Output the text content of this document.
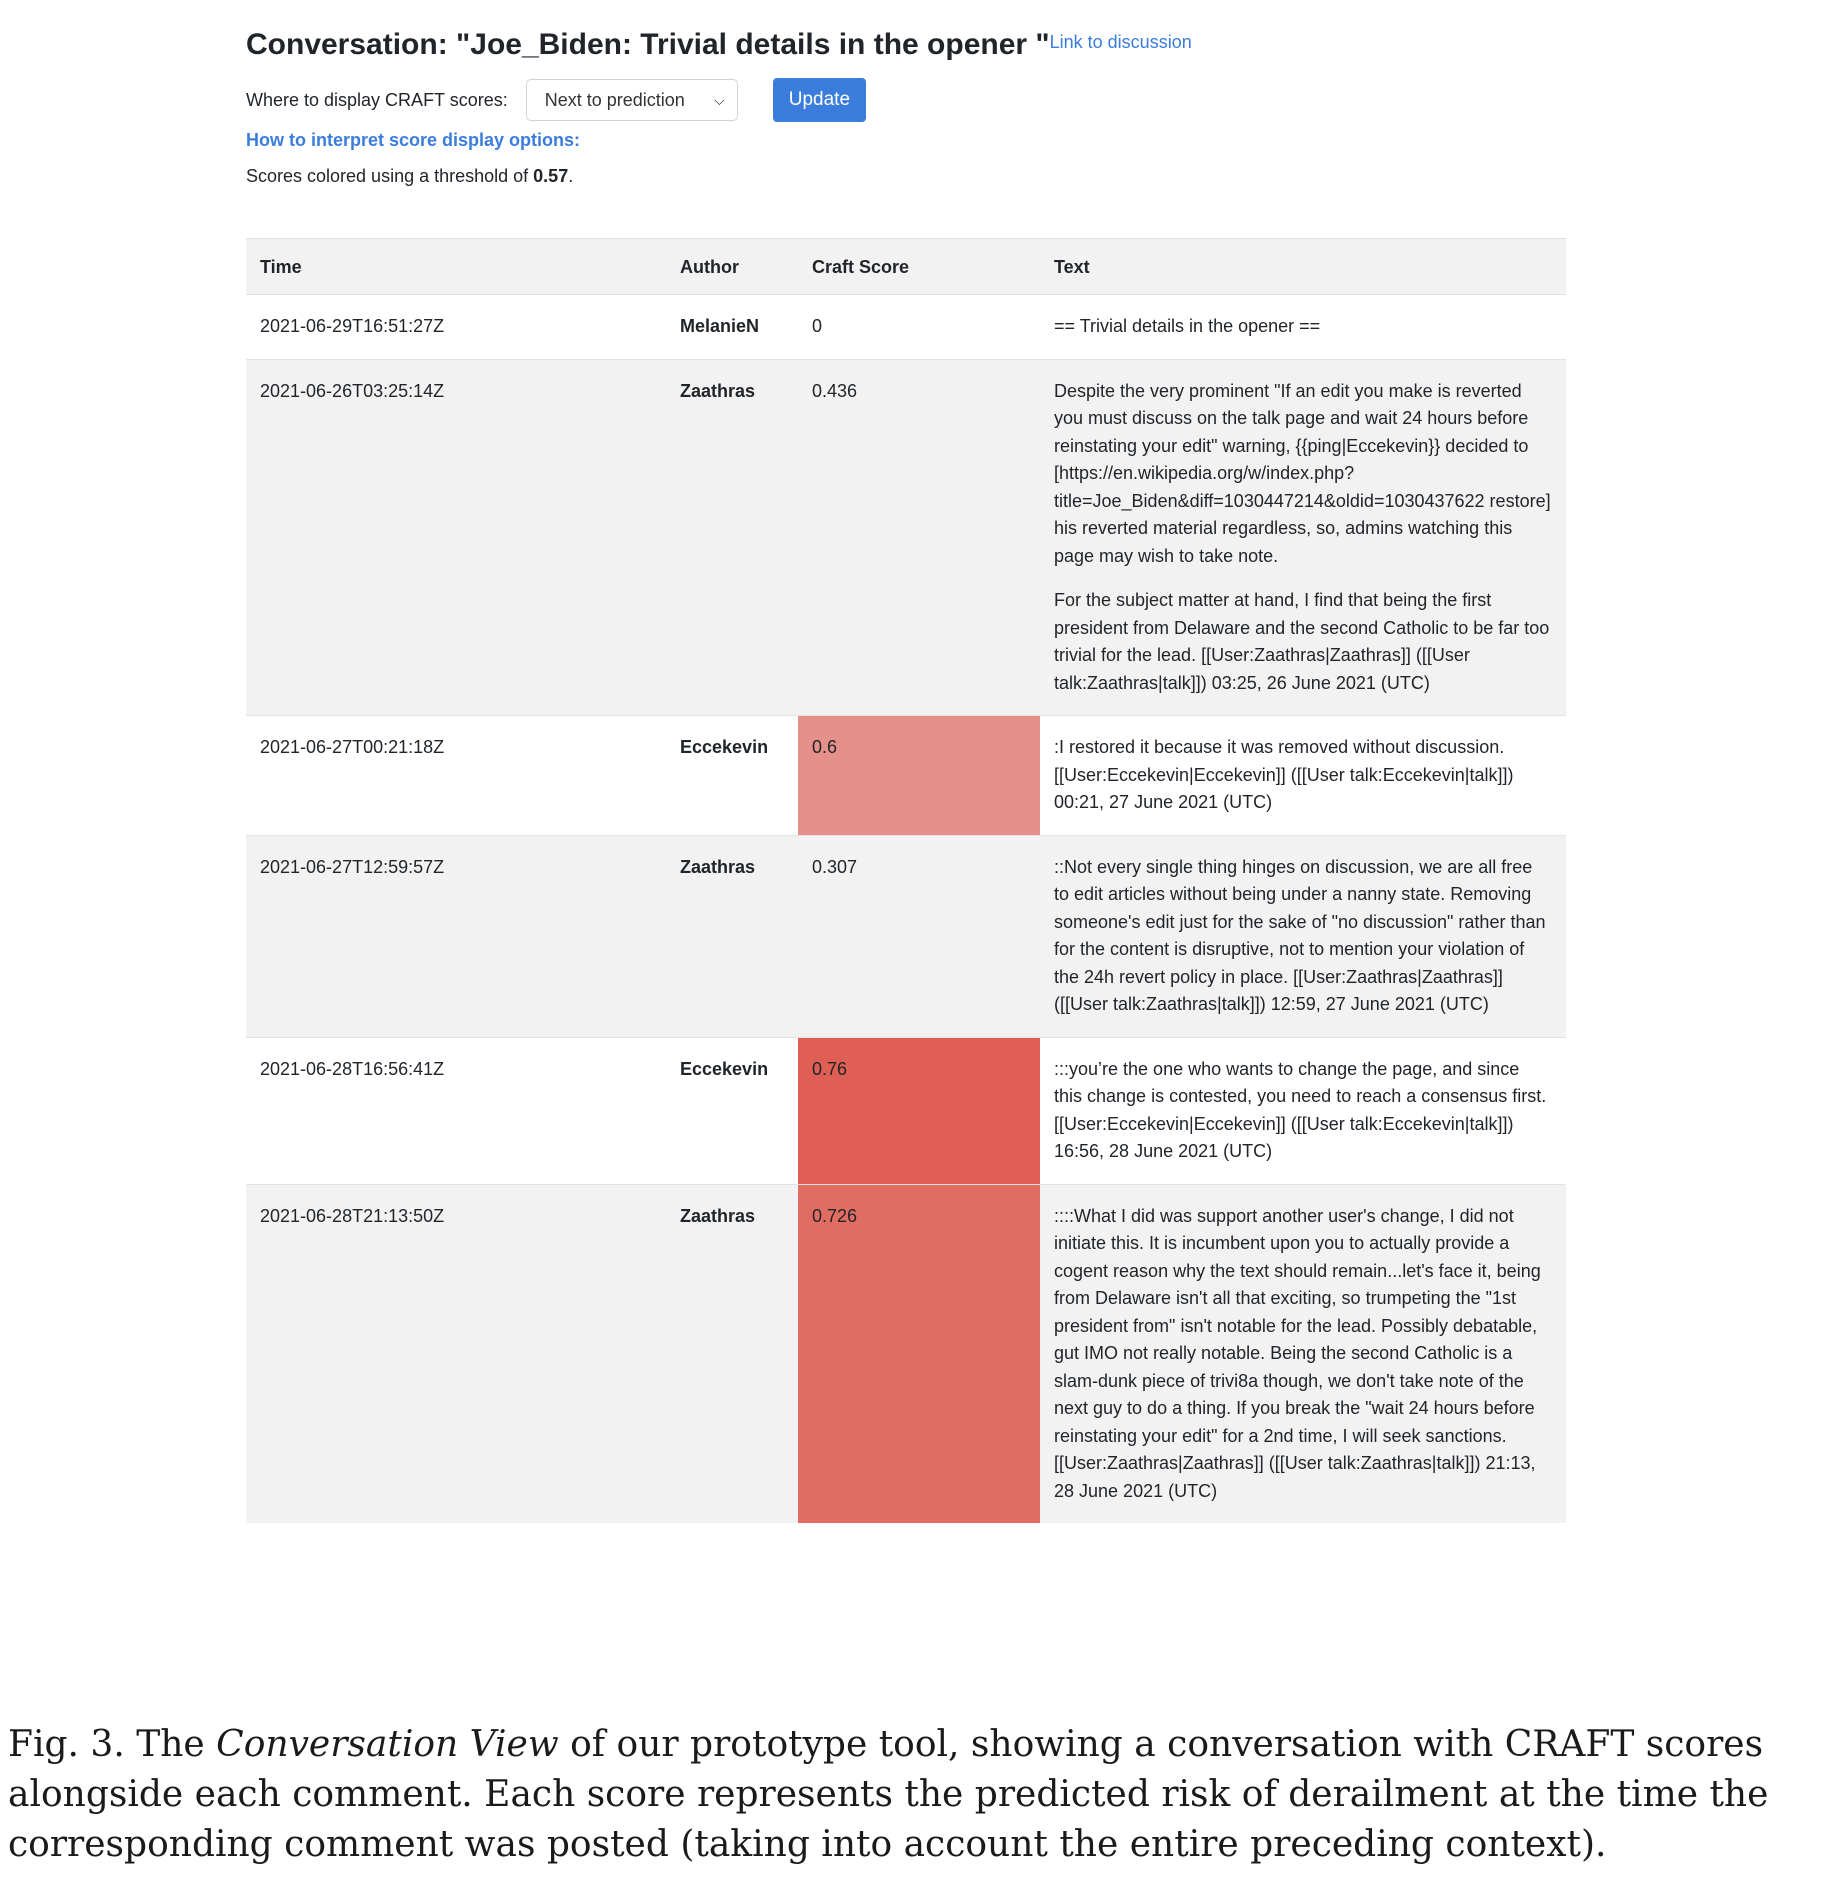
Conversation: "Joe_Biden: Trivial details in the opener "Link to discussion
Where to display CRAFT scores: Next to prediction ⌵	Update
How to interpret score display options:
Scores colored using a threshold of 0.57.
Time	Author	Craft Score	Text
2021-06-29T16:51:27Z	MelanieN	0	== Trivial details in the opener ==

2021-06-26T03:25:14Z	Zaathras	0.436	Despite the very prominent "If an edit you make is reverted you must discuss on the talk page and wait 24 hours before reinstating your edit" warning, {{ping|Eccekevin}} decided to [https://en.wikipedia.org/w/index.php?title=Joe_Biden&diff=1030447214&oldid=1030437622 restore] his reverted material regardless, so, admins watching this page may wish to take note.

For the subject matter at hand, I find that being the first president from Delaware and the second Catholic to be far too trivial for the lead. [[User:Zaathras|Zaathras]] ([[User talk:Zaathras|talk]]) 03:25, 26 June 2021 (UTC)

2021-06-27T00:21:18Z	Eccekevin	0.6	:I restored it because it was removed without discussion. [[User:Eccekevin|Eccekevin]] ([[User talk:Eccekevin|talk]]) 00:21, 27 June 2021 (UTC)

2021-06-27T12:59:57Z	Zaathras	0.307	::Not every single thing hinges on discussion, we are all free to edit articles without being under a nanny state. Removing someone's edit just for the sake of "no discussion" rather than for the content is disruptive, not to mention your violation of the 24h revert policy in place. [[User:Zaathras|Zaathras]] ([[User talk:Zaathras|talk]]) 12:59, 27 June 2021 (UTC)

2021-06-28T16:56:41Z	Eccekevin	0.76	:::you’re the one who wants to change the page, and since this change is contested, you need to reach a consensus first. [[User:Eccekevin|Eccekevin]] ([[User talk:Eccekevin|talk]]) 16:56, 28 June 2021 (UTC)

2021-06-28T21:13:50Z	Zaathras	0.726	::::What I did was support another user's change, I did not initiate this. It is incumbent upon you to actually provide a cogent reason why the text should remain...let's face it, being from Delaware isn't all that exciting, so trumpeting the "1st president from" isn't notable for the lead. Possibly debatable, gut IMO not really notable. Being the second Catholic is a slam-dunk piece of trivi8a though, we don't take note of the next guy to do a thing. If you break the "wait 24 hours before reinstating your edit" for a 2nd time, I will seek sanctions. [[User:Zaathras|Zaathras]] ([[User talk:Zaathras|talk]]) 21:13, 28 June 2021 (UTC)

Fig. 3. The Conversation View of our prototype tool, showing a conversation with CRAFT scores alongside each comment. Each score represents the predicted risk of derailment at the time the corresponding comment was posted (taking into account the entire preceding context).
